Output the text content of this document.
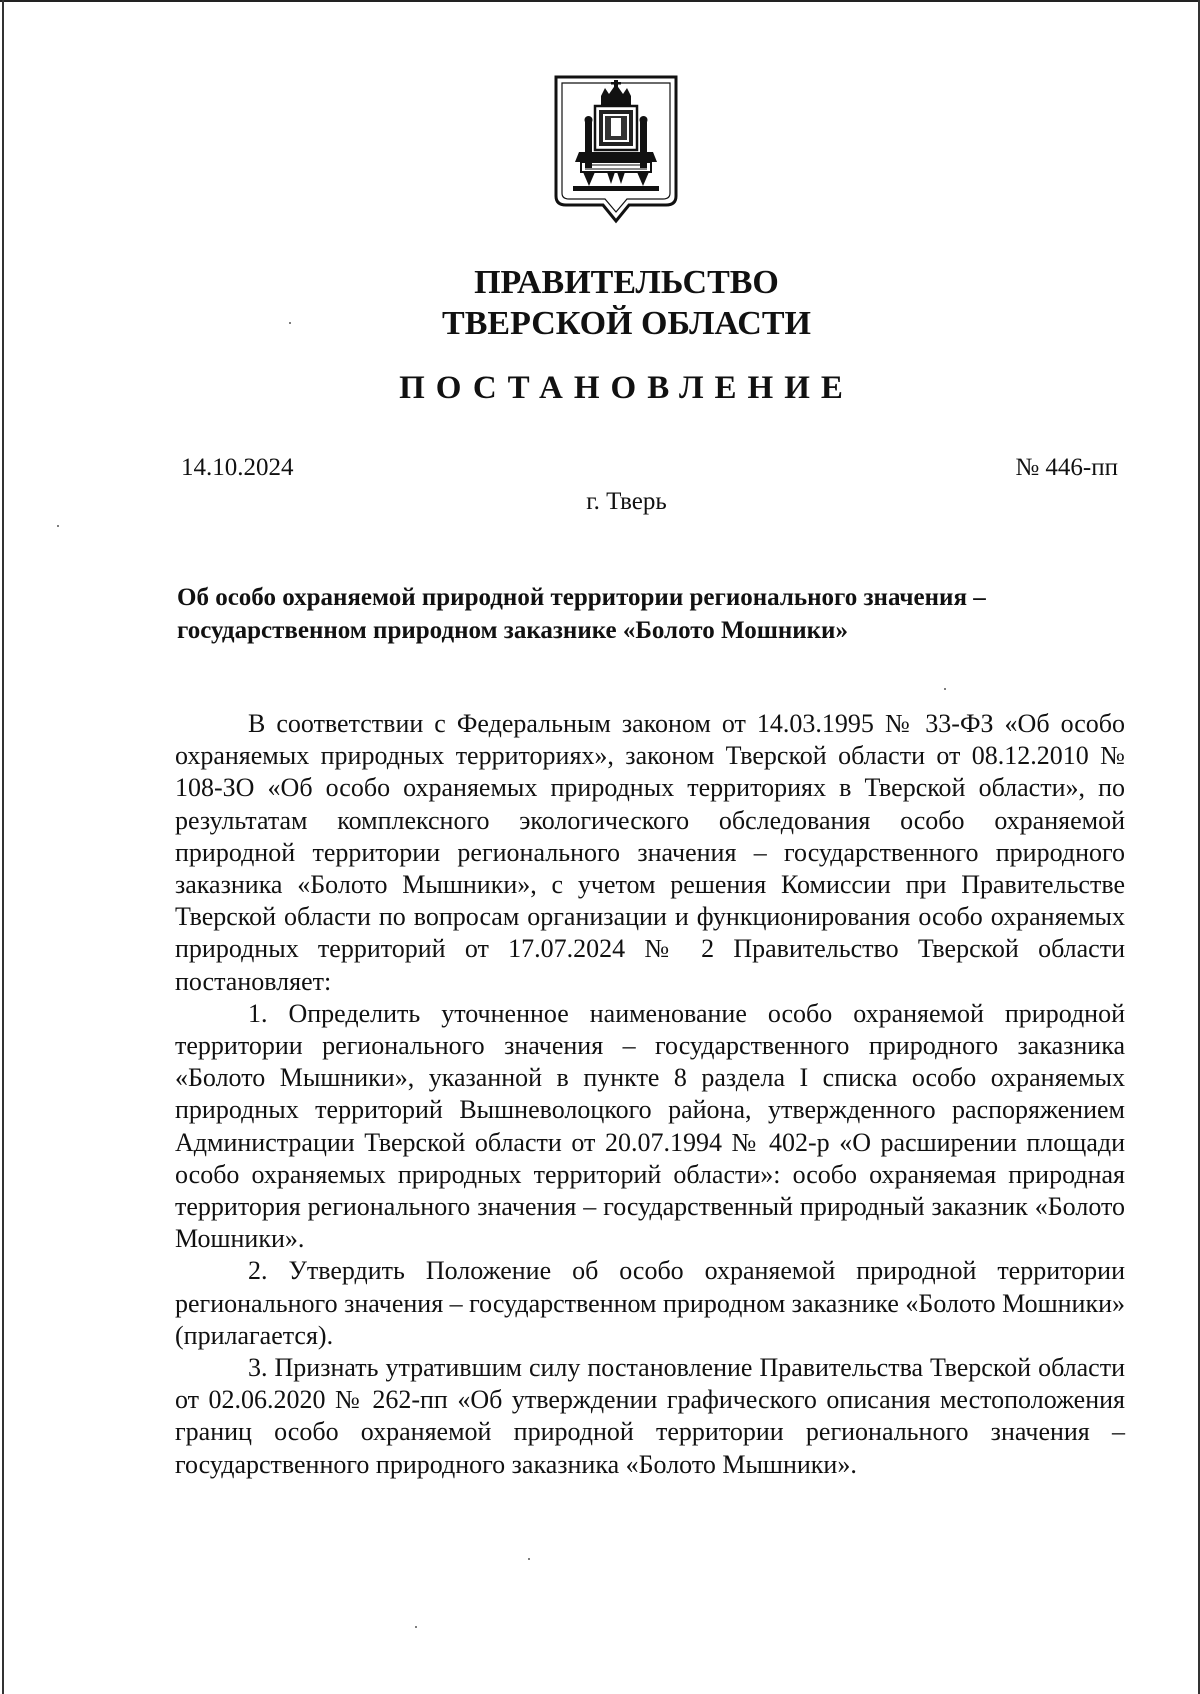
ПРАВИТЕЛЬСТВО
ТВЕРСКОЙ ОБЛАСТИ
ПОСТАНОВЛЕНИЕ
14.10.2024	№ 446-пп
г. Тверь
Об особо охраняемой природной территории регионального значения –
государственном природном заказнике «Болото Мошники»

В соответствии с Федеральным законом от 14.03.1995 № 33-ФЗ «Об особо охраняемых природных территориях», законом Тверской области от 08.12.2010 № 108-ЗО «Об особо охраняемых природных территориях в Тверской области», по результатам комплексного экологического обследования особо охраняемой природной территории регионального значения – государственного природного заказника «Болото Мышники», с учетом решения Комиссии при Правительстве Тверской области по вопросам организации и функционирования особо охраняемых природных территорий от 17.07.2024 № 2 Правительство Тверской области постановляет:

1. Определить уточненное наименование особо охраняемой природной территории регионального значения – государственного природного заказника «Болото Мышники», указанной в пункте 8 раздела I списка особо охраняемых природных территорий Вышневолоцкого района, утвержденного распоряжением Администрации Тверской области от 20.07.1994 № 402-р «О расширении площади особо охраняемых природных территорий области»: особо охраняемая природная территория регионального значения – государственный природный заказник «Болото Мошники».

2. Утвердить Положение об особо охраняемой природной территории регионального значения – государственном природном заказнике «Болото Мошники» (прилагается).

3. Признать утратившим силу постановление Правительства Тверской области от 02.06.2020 № 262-пп «Об утверждении графического описания местоположения границ особо охраняемой природной территории регионального значения – государственного природного заказника «Болото Мышники».
